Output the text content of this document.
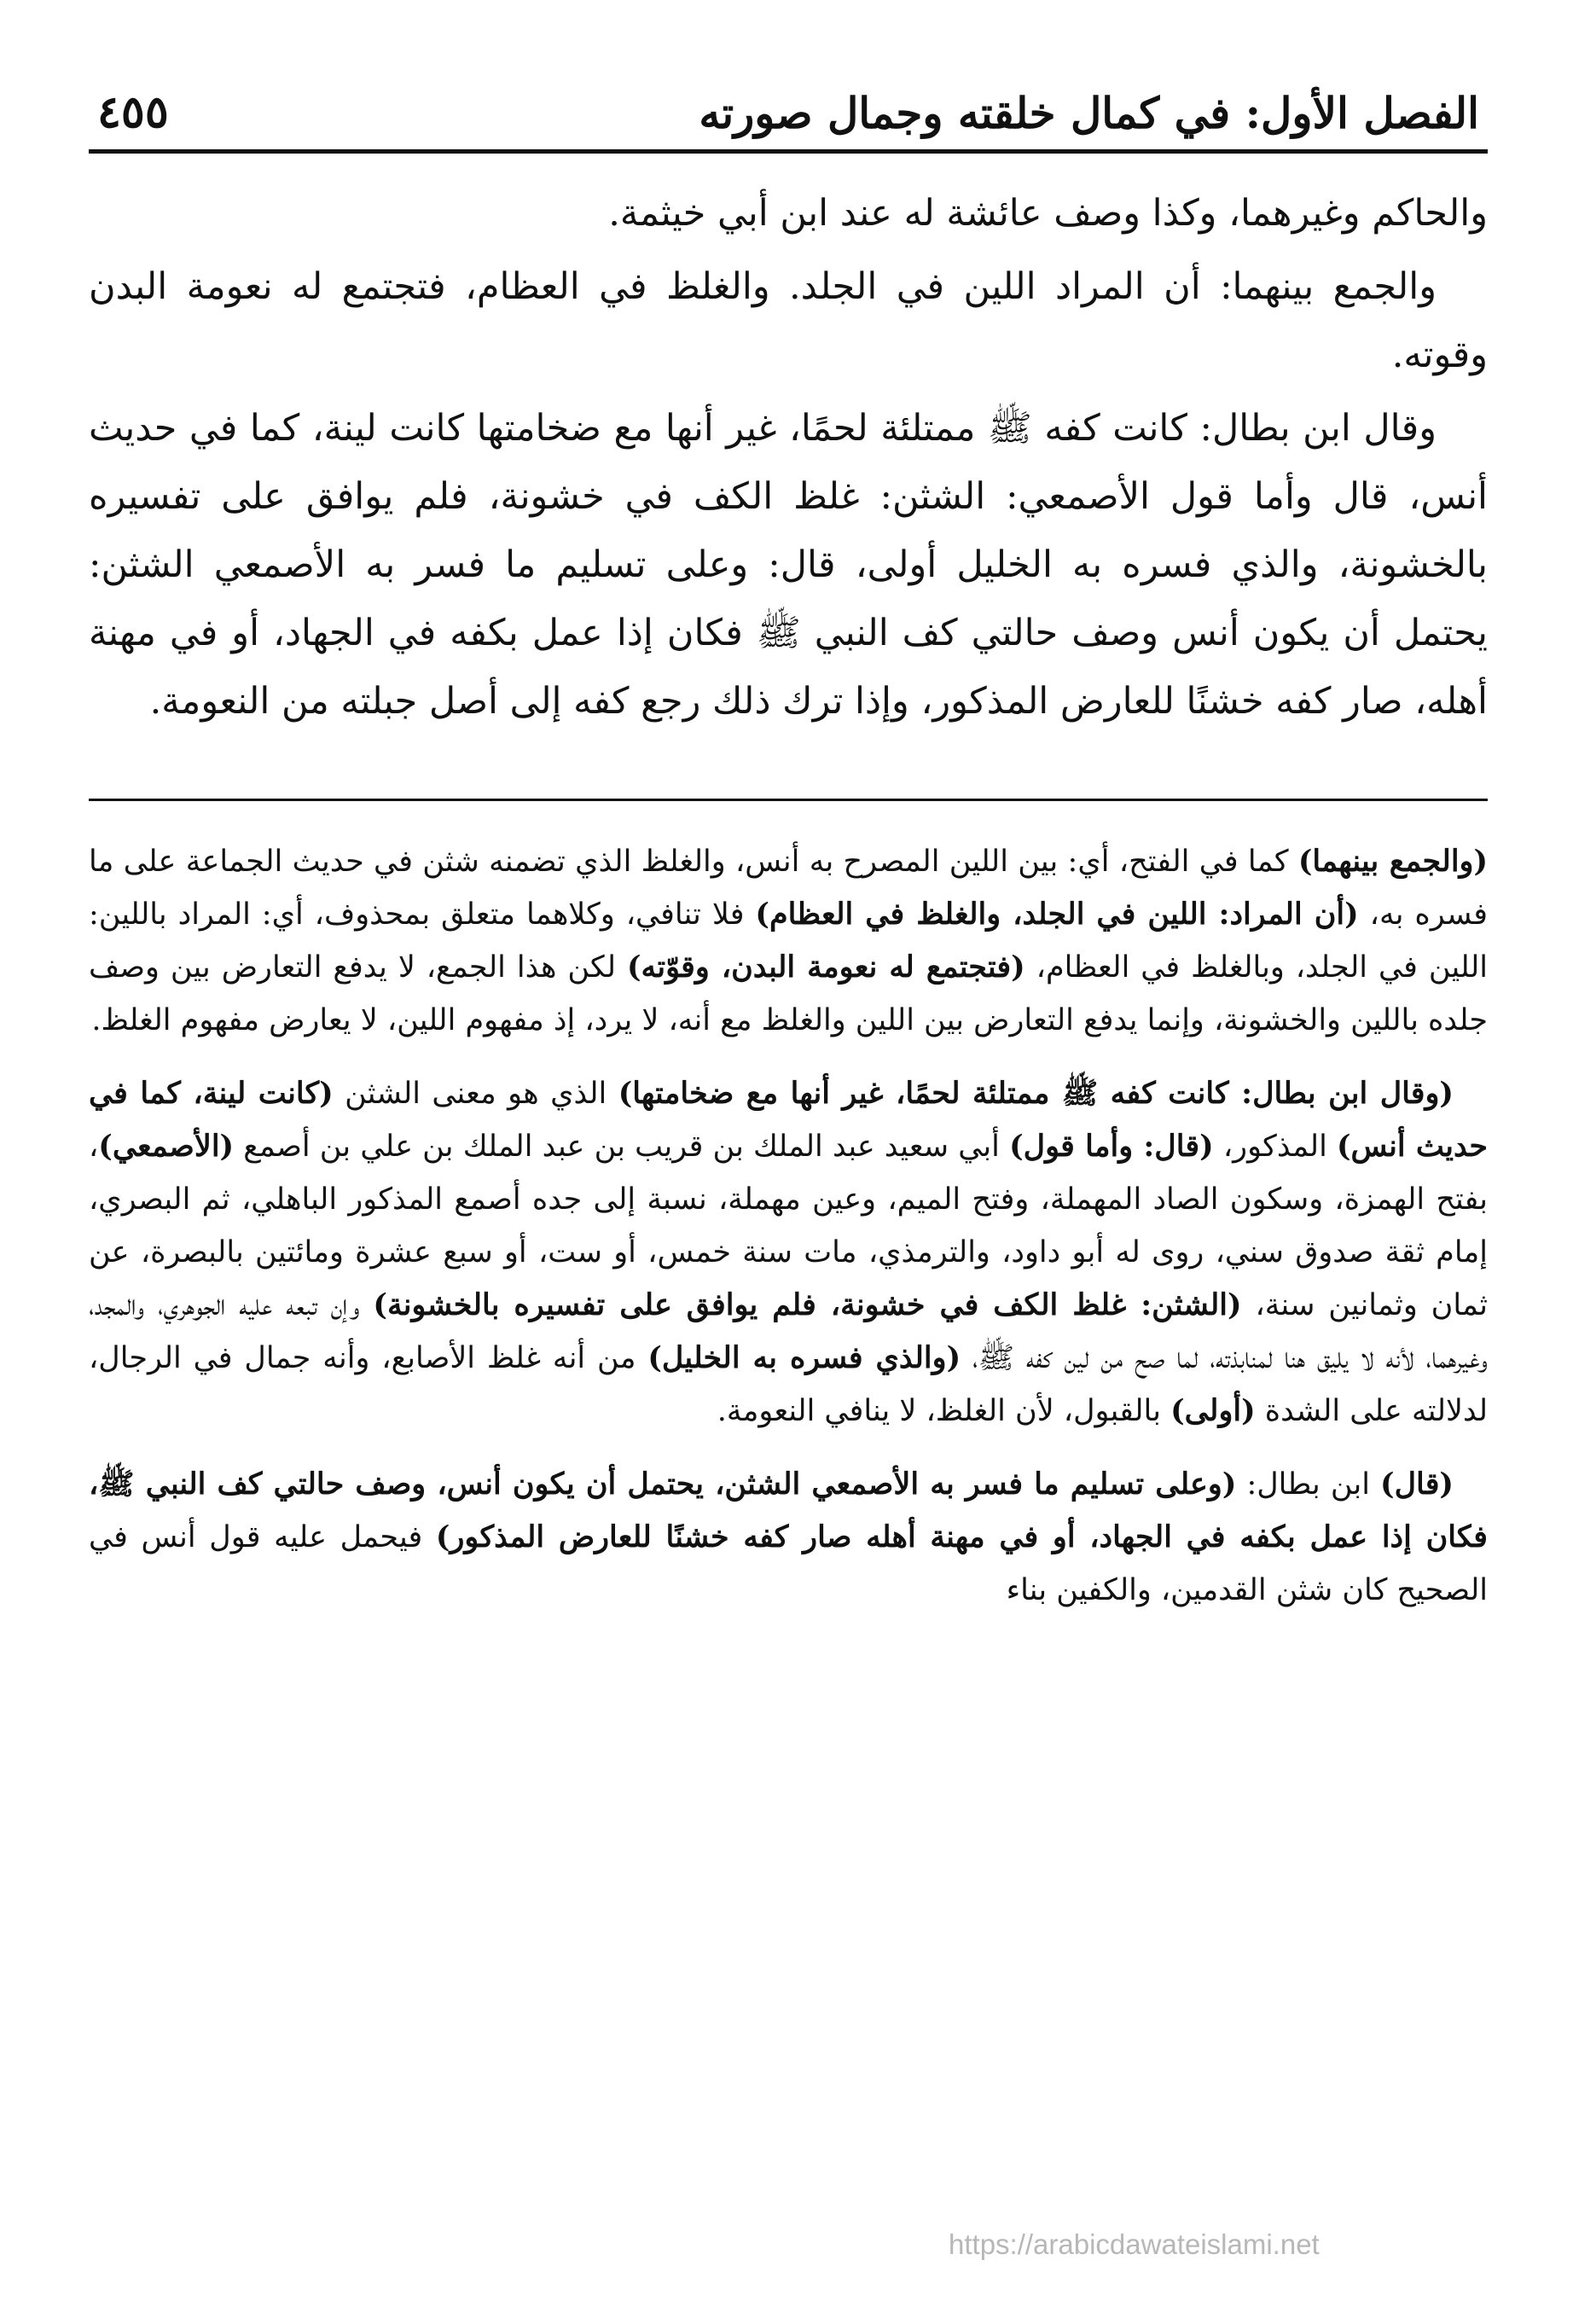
الفصل الأول: في كمال خلقته وجمال صورته
٤٥٥

والحاكم وغيرهما، وكذا وصف عائشة له عند ابن أبي خيثمة.

والجمع بينهما: أن المراد اللين في الجلد. والغلظ في العظام، فتجتمع له نعومة البدن وقوته.

وقال ابن بطال: كانت كفه ﷺ ممتلئة لحمًا، غير أنها مع ضخامتها كانت لينة، كما في حديث أنس، قال وأما قول الأصمعي: الشثن: غلظ الكف في خشونة، فلم يوافق على تفسيره بالخشونة، والذي فسره به الخليل أولى، قال: وعلى تسليم ما فسر به الأصمعي الشثن: يحتمل أن يكون أنس وصف حالتي كف النبي ﷺ فكان إذا عمل بكفه في الجهاد، أو في مهنة أهله، صار كفه خشنًا للعارض المذكور، وإذا ترك ذلك رجع كفه إلى أصل جبلته من النعومة.

(والجمع بينهما) كما في الفتح، أي: بين اللين المصرح به أنس، والغلظ الذي تضمنه شثن في حديث الجماعة على ما فسره به، (أن المراد: اللين في الجلد، والغلظ في العظام) فلا تنافي، وكلاهما متعلق بمحذوف، أي: المراد باللين: اللين في الجلد، وبالغلظ في العظام، (فتجتمع له نعومة البدن، وقوّته) لكن هذا الجمع، لا يدفع التعارض بين وصف جلده باللين والخشونة، وإنما يدفع التعارض بين اللين والغلظ مع أنه، لا يرد، إذ مفهوم اللين، لا يعارض مفهوم الغلظ.

(وقال ابن بطال: كانت كفه ﷺ ممتلئة لحمًا، غير أنها مع ضخامتها) الذي هو معنى الشثن (كانت لينة، كما في حديث أنس) المذكور، (قال: وأما قول) أبي سعيد عبد الملك بن قريب بن عبد الملك بن علي بن أصمع (الأصمعي)، بفتح الهمزة، وسكون الصاد المهملة، وفتح الميم، وعين مهملة، نسبة إلى جده أصمع المذكور الباهلي، ثم البصري، إمام ثقة صدوق سني، روى له أبو داود، والترمذي، مات سنة خمس، أو ست، أو سبع عشرة ومائتين بالبصرة، عن ثمان وثمانين سنة، (الشثن: غلظ الكف في خشونة، فلم يوافق على تفسيره بالخشونة) وإن تبعه عليه الجوهري، والمجد، وغيرهما، لأنه لا يليق هنا لمنابذته، لما صح من لين كفه ﷺ، (والذي فسره به الخليل) من أنه غلظ الأصابع، وأنه جمال في الرجال، لدلالته على الشدة (أولى) بالقبول، لأن الغلظ، لا ينافي النعومة.

(قال) ابن بطال: (وعلى تسليم ما فسر به الأصمعي الشثن، يحتمل أن يكون أنس، وصف حالتي كف النبي ﷺ، فكان إذا عمل بكفه في الجهاد، أو في مهنة أهله صار كفه خشنًا للعارض المذكور) فيحمل عليه قول أنس في الصحيح كان شثن القدمين، والكفين بناء

https://arabicdawateislami.net
